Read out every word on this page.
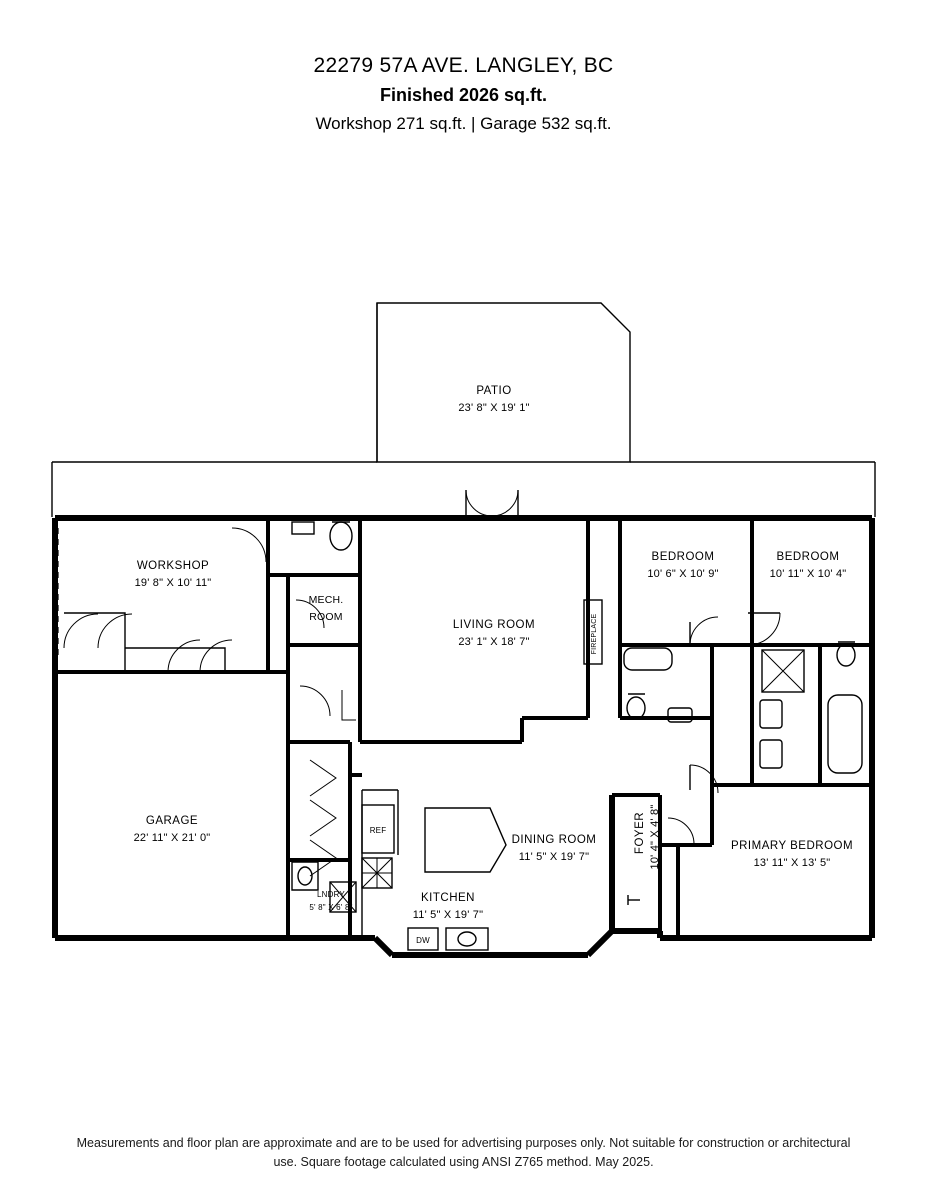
22279 57A AVE. LANGLEY, BC
Finished 2026 sq.ft.
Workshop 271 sq.ft. | Garage 532 sq.ft.
FIREPLACE
REF
DW
PATIO
23' 8" X 19' 1"
WORKSHOP
19' 8" X 10' 11"
MECH.
ROOM
LIVING ROOM
23' 1" X 18' 7"
BEDROOM
10' 6" X 10' 9"
BEDROOM
10' 11" X 10' 4"
GARAGE
22' 11" X 21' 0"
KITCHEN
11' 5" X 19' 7"
DINING ROOM
11' 5" X 19' 7"
PRIMARY BEDROOM
13' 11" X 13' 5"
FOYER 10' 4" X 4' 8"
LNDRY
5' 8" X 6' 8"
Measurements and floor plan are approximate and are to be used for advertising purposes only. Not suitable for construction or architectural
use. Square footage calculated using ANSI Z765 method. May 2025.
